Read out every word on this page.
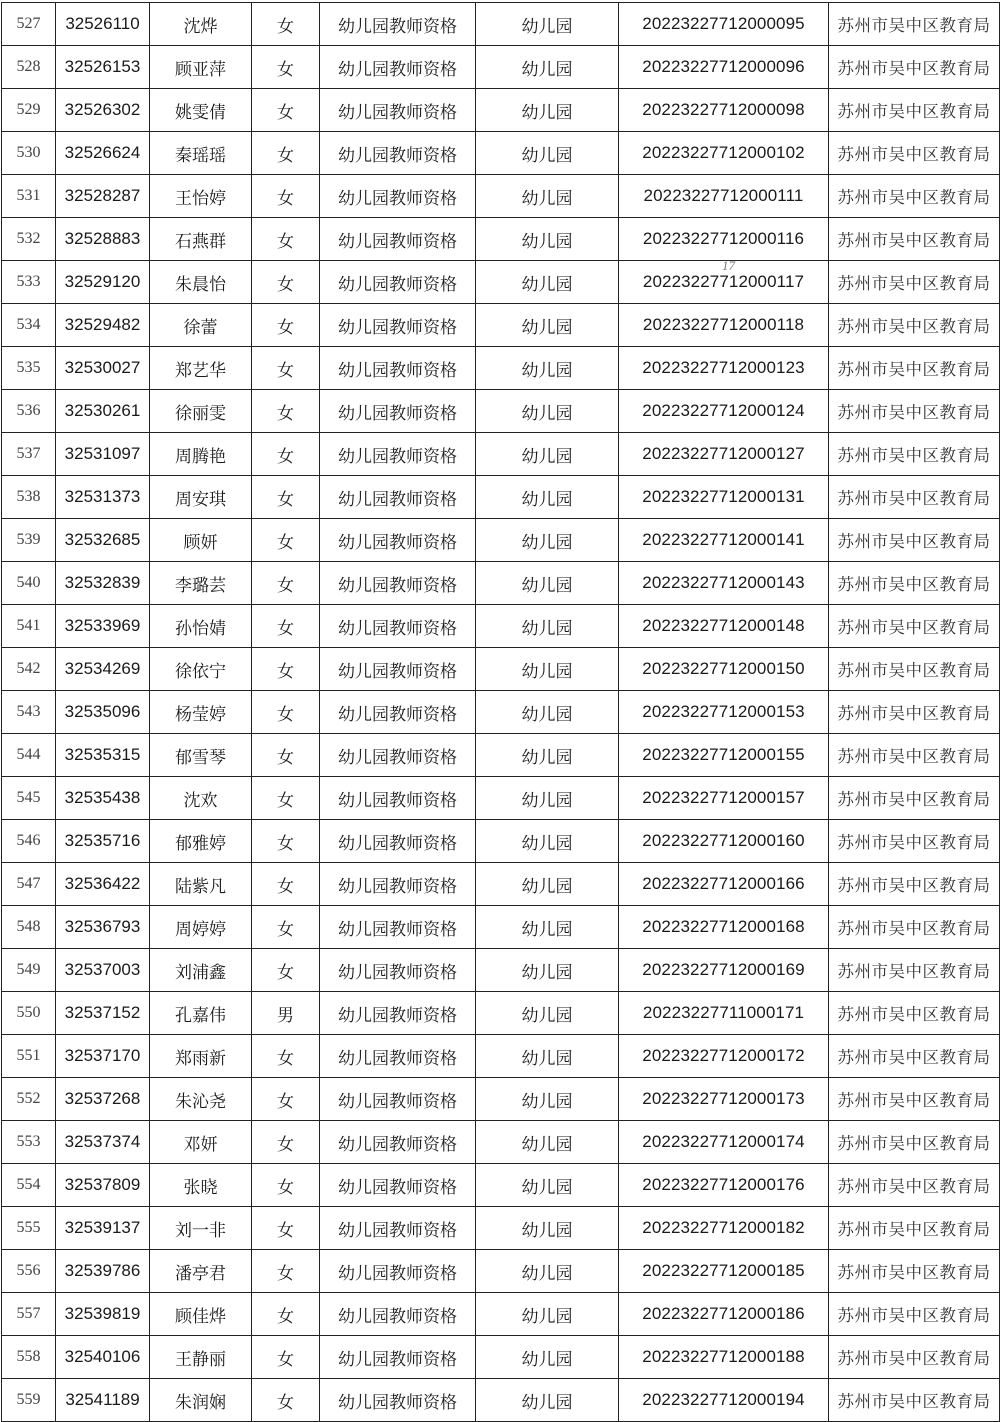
527	32526110	沈烨	女	幼儿园教师资格	幼儿园	20223227712000095	苏州市吴中区教育局
528	32526153	顾亚萍	女	幼儿园教师资格	幼儿园	20223227712000096	苏州市吴中区教育局
529	32526302	姚雯倩	女	幼儿园教师资格	幼儿园	20223227712000098	苏州市吴中区教育局
530	32526624	秦瑶瑶	女	幼儿园教师资格	幼儿园	20223227712000102	苏州市吴中区教育局
531	32528287	王怡婷	女	幼儿园教师资格	幼儿园	20223227712000111	苏州市吴中区教育局
532	32528883	石燕群	女	幼儿园教师资格	幼儿园	20223227712000116	苏州市吴中区教育局
533	32529120	朱晨怡	女	幼儿园教师资格	幼儿园	20223227712000117	苏州市吴中区教育局
534	32529482	徐蕾	女	幼儿园教师资格	幼儿园	20223227712000118	苏州市吴中区教育局
535	32530027	郑艺华	女	幼儿园教师资格	幼儿园	20223227712000123	苏州市吴中区教育局
536	32530261	徐丽雯	女	幼儿园教师资格	幼儿园	20223227712000124	苏州市吴中区教育局
537	32531097	周腾艳	女	幼儿园教师资格	幼儿园	20223227712000127	苏州市吴中区教育局
538	32531373	周安琪	女	幼儿园教师资格	幼儿园	20223227712000131	苏州市吴中区教育局
539	32532685	顾妍	女	幼儿园教师资格	幼儿园	20223227712000141	苏州市吴中区教育局
540	32532839	李璐芸	女	幼儿园教师资格	幼儿园	20223227712000143	苏州市吴中区教育局
541	32533969	孙怡婧	女	幼儿园教师资格	幼儿园	20223227712000148	苏州市吴中区教育局
542	32534269	徐依宁	女	幼儿园教师资格	幼儿园	20223227712000150	苏州市吴中区教育局
543	32535096	杨莹婷	女	幼儿园教师资格	幼儿园	20223227712000153	苏州市吴中区教育局
544	32535315	郁雪琴	女	幼儿园教师资格	幼儿园	20223227712000155	苏州市吴中区教育局
545	32535438	沈欢	女	幼儿园教师资格	幼儿园	20223227712000157	苏州市吴中区教育局
546	32535716	郁雅婷	女	幼儿园教师资格	幼儿园	20223227712000160	苏州市吴中区教育局
547	32536422	陆紫凡	女	幼儿园教师资格	幼儿园	20223227712000166	苏州市吴中区教育局
548	32536793	周婷婷	女	幼儿园教师资格	幼儿园	20223227712000168	苏州市吴中区教育局
549	32537003	刘浦鑫	女	幼儿园教师资格	幼儿园	20223227712000169	苏州市吴中区教育局
550	32537152	孔嘉伟	男	幼儿园教师资格	幼儿园	20223227711000171	苏州市吴中区教育局
551	32537170	郑雨新	女	幼儿园教师资格	幼儿园	20223227712000172	苏州市吴中区教育局
552	32537268	朱沁尧	女	幼儿园教师资格	幼儿园	20223227712000173	苏州市吴中区教育局
553	32537374	邓妍	女	幼儿园教师资格	幼儿园	20223227712000174	苏州市吴中区教育局
554	32537809	张晓	女	幼儿园教师资格	幼儿园	20223227712000176	苏州市吴中区教育局
555	32539137	刘一非	女	幼儿园教师资格	幼儿园	20223227712000182	苏州市吴中区教育局
556	32539786	潘亭君	女	幼儿园教师资格	幼儿园	20223227712000185	苏州市吴中区教育局
557	32539819	顾佳烨	女	幼儿园教师资格	幼儿园	20223227712000186	苏州市吴中区教育局
558	32540106	王静丽	女	幼儿园教师资格	幼儿园	20223227712000188	苏州市吴中区教育局
559	32541189	朱润娴	女	幼儿园教师资格	幼儿园	20223227712000194	苏州市吴中区教育局
17
